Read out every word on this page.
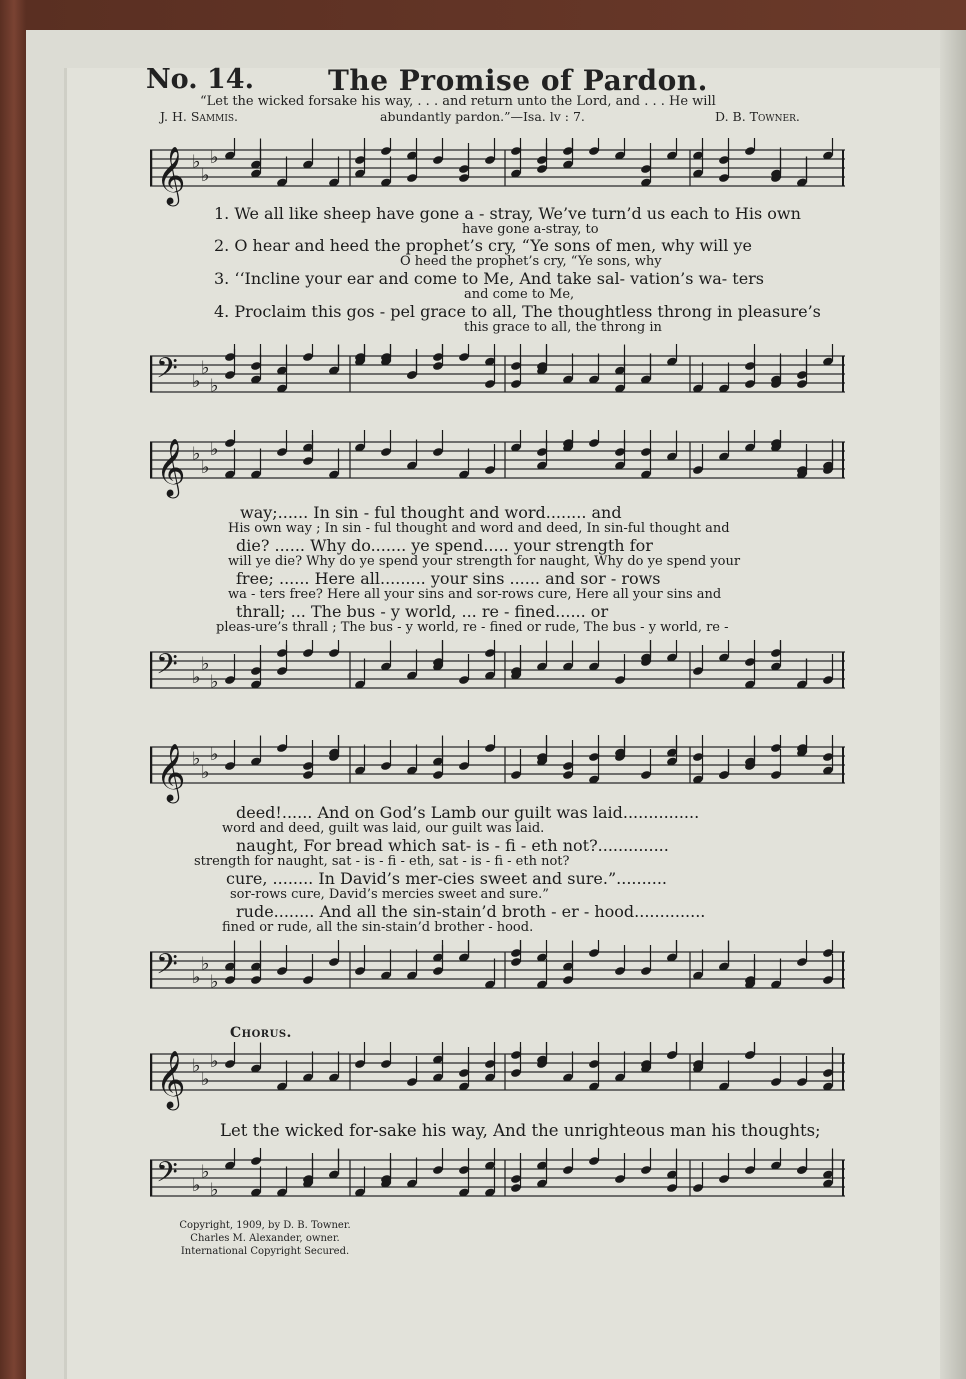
No. 14.	The Promise of Pardon.
“Let the wicked forsake his way, . . . and return unto the Lord, and . . . He will
J. H. Sammis.	abundantly pardon.”—Isa. lv : 7.	D. B. Towner.
𝄞 ♭
♭
♭
𝄢 ♭
♭
♭
𝄞 ♭
♭
♭
𝄢 ♭
♭
♭
𝄞 ♭
♭
♭
𝄢 ♭
♭
♭
Chorus.
𝄞 ♭
♭
♭
𝄢 ♭
♭
♭
1. We all like sheep have gone a - stray, We’ve turn’d us each to His own
have gone a-stray, to
2. O hear and heed the prophet’s cry, “Ye sons of men, why will ye
O heed the prophet’s cry, “Ye sons, why
3. ‘‘Incline your ear and come to Me, And take sal- vation’s wa- ters
and come to Me,
4. Proclaim this gos - pel grace to all, The thoughtless throng in pleasure’s
this grace to all, the throng in
way;...... In sin - ful thought and word........ and
His own way ; In sin - ful thought and word and deed, In sin-ful thought and
die? ...... Why do....... ye spend..... your strength for
will ye die? Why do ye spend your strength for naught, Why do ye spend your
free; ...... Here all......... your sins ...... and sor - rows
wa - ters free? Here all your sins and sor-rows cure, Here all your sins and
thrall; ... The bus - y world, ... re - fined...... or
pleas-ure’s thrall ; The bus - y world, re - fined or rude, The bus - y world, re -
deed!...... And on God’s Lamb our guilt was laid...............
word and deed, guilt was laid, our guilt was laid.
naught, For bread which sat- is - fi - eth not?..............
strength for naught, sat - is - fi - eth, sat - is - fi - eth not?
cure, ........ In David’s mer-cies sweet and sure.”..........
sor-rows cure, David’s mercies sweet and sure.”
rude........ And all the sin-stain’d broth - er - hood..............
fined or rude, all the sin-stain’d brother - hood.
Let the wicked for-sake his way, And the unrighteous man his thoughts;
Copyright, 1909, by D. B. Towner.
Charles M. Alexander, owner.
International Copyright Secured.
